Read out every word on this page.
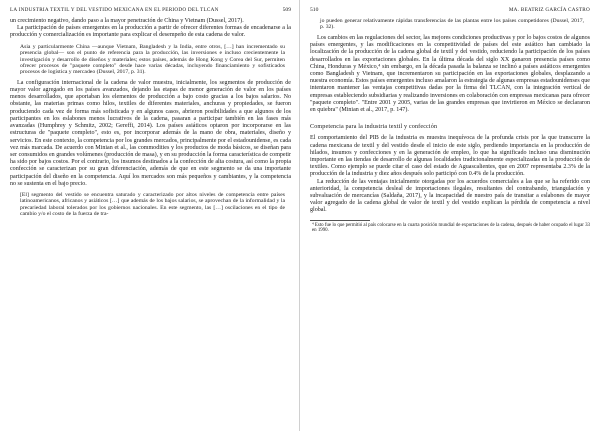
LA INDUSTRIA TEXTIL Y DEL VESTIDO MEXICANA EN EL PERIODO DEL TLCAN	509

un crecimiento negativo, dando paso a la mayor penetración de China y Vietnam (Dussel, 2017).

La participación de países emergentes en la producción a partir de ofrecer diferentes formas de encadenarse a la producción y comercialización es importante para explicar el desempeño de esta cadena de valor.

Asia y particularmente China —aunque Vietnam, Bangladesh y la India, entre otros, […] han incrementado su presencia global— son el punto de referencia para la producción, las inversiones e incluso crecientemente la investigación y desarrollo de diseños y materiales; estos países, además de Hong Kong y Corea del Sur, permiten ofrecer procesos de "paquete completo" desde hace varias décadas, incluyendo financiamiento y sofisticados procesos de logística y mercadeo (Dussel, 2017, p. 31).

La configuración internacional de la cadena de valor muestra, inicialmente, los segmentos de producción de mayor valor agregado en los países avanzados, dejando las etapas de menor generación de valor en los países menos desarrollados, que aportaban los elementos de producción a bajo costo gracias a los bajos salarios. No obstante, las materias primas como hilos, textiles de diferentes materiales, anchuras y propiedades, se fueron produciendo cada vez de forma más sofisticada y en algunos casos, abrieron posibilidades a que algunos de los participantes en los eslabones menos lucrativos de la cadena, pasaran a participar también en las fases más avanzadas (Humphrey y Schmitz, 2002; Gereffi, 2014). Los países asiáticos optaron por incorporarse en las estructuras de "paquete completo", esto es, por incorporar además de la mano de obra, materiales, diseño y servicios. En este contexto, la competencia por los grandes mercados, principalmente por el estadounidense, es cada vez más marcada. De acuerdo con Minian et al., las commodities y los productos de moda básicos, se diseñan para ser consumidos en grandes volúmenes (producción de masa), y en su producción la forma característica de competir ha sido por bajos costos. Por el contrario, los insumos destinados a la confección de alta costura, así como la propia confección se caracterizan por su gran diferenciación, además de que en este segmento se da una importante participación del diseño en la competencia. Aquí los mercados son más pequeños y cambiantes, y la competencia no se sustenta en el bajo precio.

[El] segmento del vestido se encuentra saturado y caracterizado por altos niveles de competencia entre países latinoamericanos, africanos y asiáticos […] que además de los bajos salarios, se aprovechan de la informalidad y la precariedad laboral tolerados por los gobiernos nacionales. En este segmento, las […] oscilaciones en el tipo de cambio y/o el costo de la fuerza de tra-

510	MA. BEATRIZ GARCÍA CASTRO

jo pueden generar relativamente rápidas transferencias de las plantas entre los países competidores (Dussel, 2017, p. 32).

Los cambios en las regulaciones del sector, las mejores condiciones productivas y por lo bajos costos de algunos países emergentes, y las modificaciones en la competitividad de países del este asiático han cambiado la localización de la producción de la cadena global de textil y del vestido, reduciendo la participación de los países desarrollados en las exportaciones globales. En la última década del siglo XX ganaron presencia países como China, Honduras y México,⁴ sin embargo, en la década pasada la balanza se inclinó a países asiáticos emergentes como Bangladesh y Vietnam, que incrementaron su participación en las exportaciones globales, desplazando a nuestra economía. Estos países emergentes incluso amalaron la estrategia de algunas empresas estadounidenses que intentaron mantener las ventajas competitivas dadas por la firma del TLCAN, con la integración vertical de empresas estableciendo subsidiarias y realizando inversiones en colaboración con empresas mexicanas para ofrecer "paquete completo". "Entre 2001 y 2005, varias de las grandes empresas que invirtieron en México se declararon en quiebra" (Minian et al., 2017, p. 147).

Competencia para la industria textil y confección

El comportamiento del PIB de la industria es muestra inequívoca de la profunda crisis por la que transcurre la cadena mexicana de textil y del vestido desde el inicio de este siglo, perdiendo importancia en la producción de hilados, insumos y confecciones y en la generación de empleo, lo que ha significado incluso una disminución importante en las tiendas de desarrollo de algunas localidades tradicionalmente especializadas en la producción de textiles. Como ejemplo se puede citar el caso del estado de Aguascalientes, que en 2007 representaba 2.3% de la producción de la industria y diez años después solo participó con 0.4% de la producción.

La reducción de las ventajas inicialmente otorgadas por los acuerdos comerciales a las que se ha referido con anterioridad, la competencia desleal de importaciones ilegales, resultantes del contrabando, triangulación y subvaluación de mercancías (Saldaña, 2017), y la incapacidad de nuestro país de transitar a eslabones de mayor valor agregado de la cadena global de valor de textil y del vestido explican la pérdida de competencia a nivel global.

⁴ Esto fue lo que permitió al país colocarse en la cuarta posición mundial de exportaciones de la cadena, después de haber ocupado el lugar 33 en 1990.
